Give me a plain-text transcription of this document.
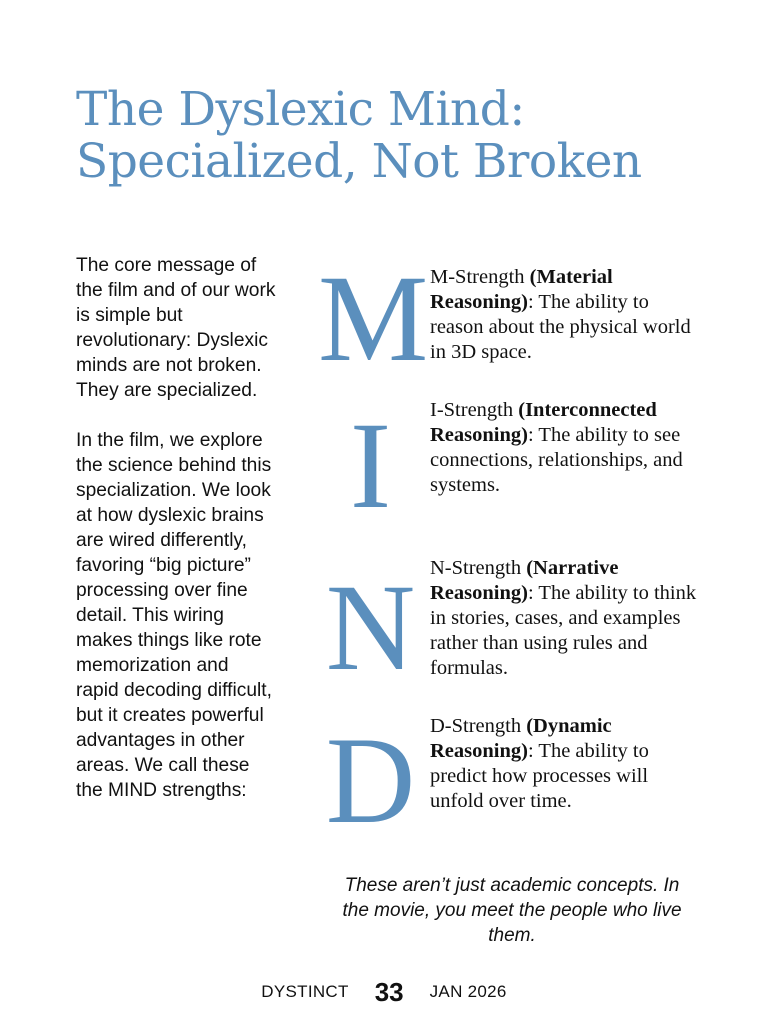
The Dyslexic Mind:
Specialized, Not Broken

The core message of the film and of our work is simple but revolutionary: Dyslexic minds are not broken. They are specialized.

In the film, we explore the science behind this specialization. We look at how dyslexic brains are wired differently, favoring “big picture” processing over fine detail. This wiring makes things like rote memorization and rapid decoding difficult, but it creates powerful advantages in other areas. We call these the MIND strengths:

M
I
N
D
M-Strength (Material Reasoning): The ability to reason about the physical world in 3D space.
I-Strength (Interconnected Reasoning): The ability to see connections, relationships, and systems.
N-Strength (Narrative Reasoning): The ability to think in stories, cases, and examples rather than using rules and formulas.
D-Strength (Dynamic Reasoning): The ability to predict how processes will unfold over time.

These aren’t just academic concepts. In the movie, you meet the people who live them.

DYSTINCT 33 JAN 2026
